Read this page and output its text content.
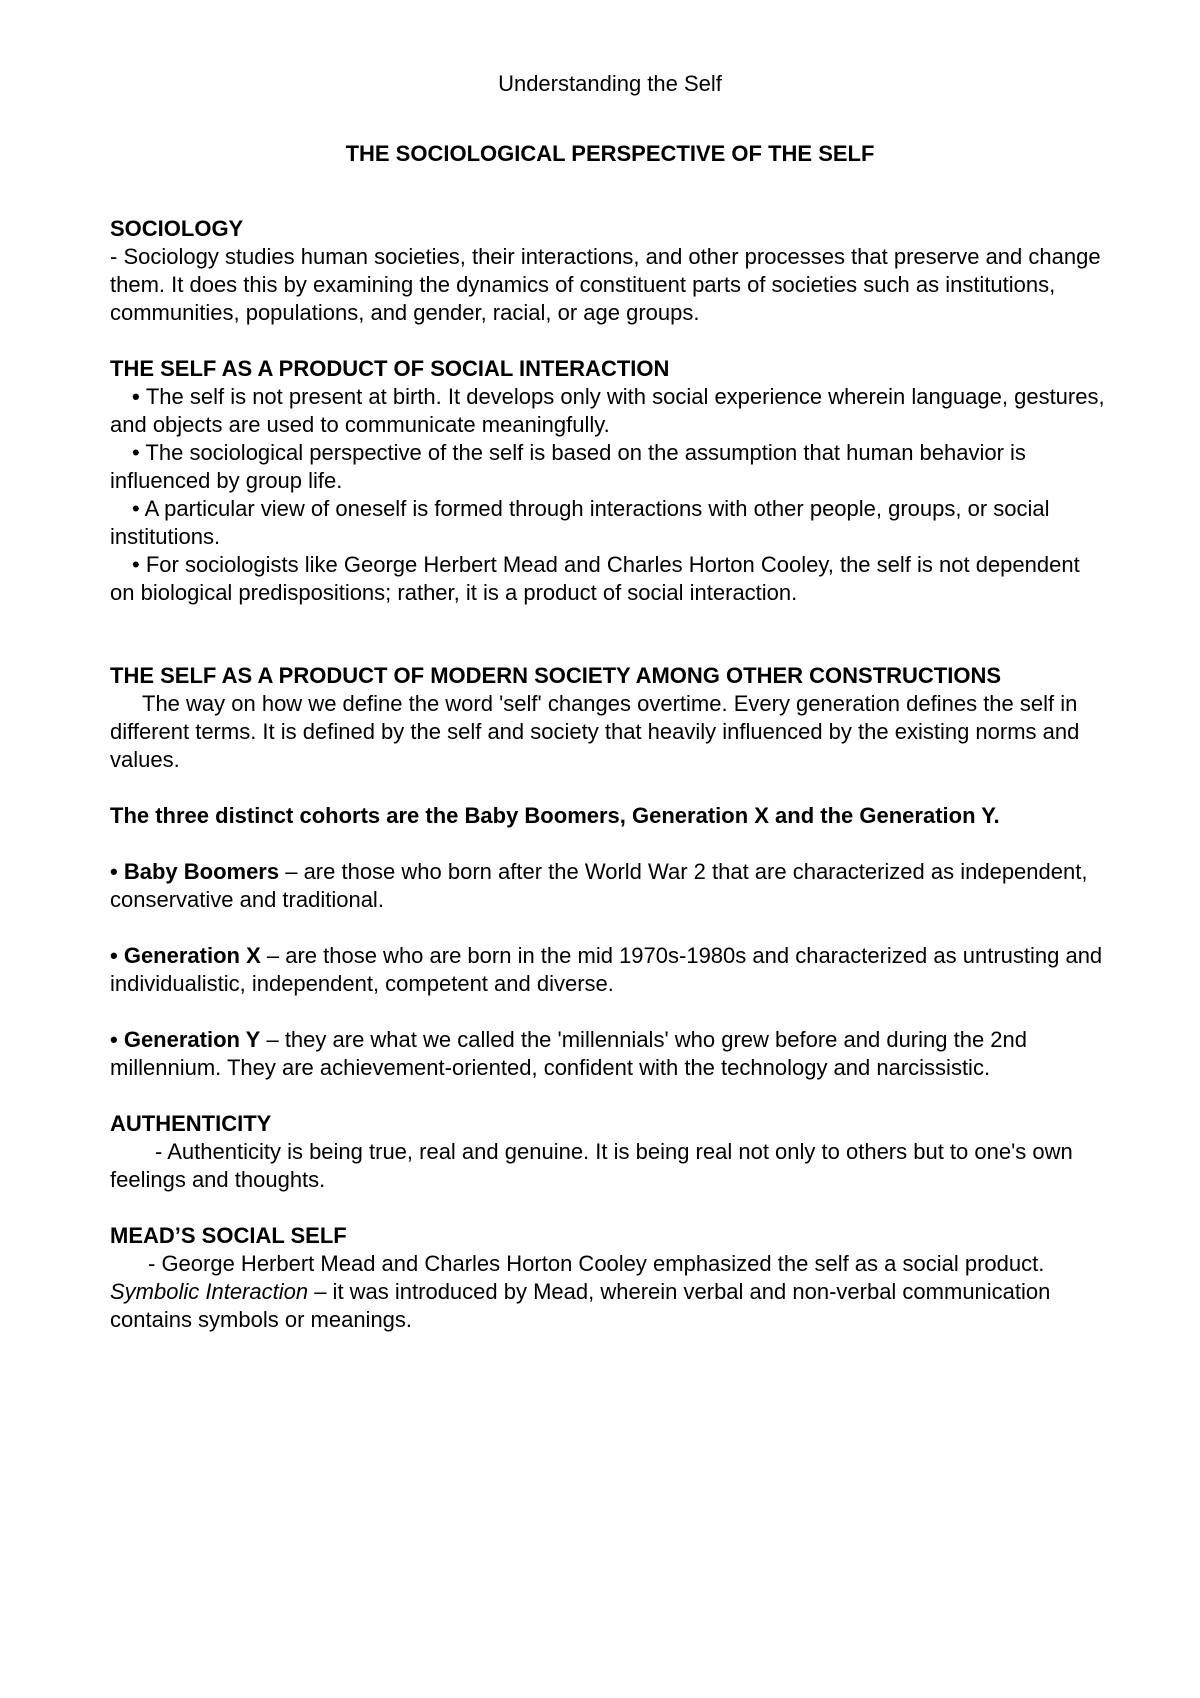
Understanding the Self

THE SOCIOLOGICAL PERSPECTIVE OF THE SELF
SOCIOLOGY

- Sociology studies human societies, their interactions, and other processes that preserve and change them. It does this by examining the dynamics of constituent parts of societies such as institutions, communities, populations, and gender, racial, or age groups.

THE SELF AS A PRODUCT OF SOCIAL INTERACTION

• The self is not present at birth. It develops only with social experience wherein language, gestures, and objects are used to communicate meaningfully.

• The sociological perspective of the self is based on the assumption that human behavior is influenced by group life.

• A particular view of oneself is formed through interactions with other people, groups, or social institutions.

• For sociologists like George Herbert Mead and Charles Horton Cooley, the self is not dependent on biological predispositions; rather, it is a product of social interaction.

THE SELF AS A PRODUCT OF MODERN SOCIETY AMONG OTHER CONSTRUCTIONS

The way on how we define the word 'self' changes overtime. Every generation defines the self in different terms. It is defined by the self and society that heavily influenced by the existing norms and values.

The three distinct cohorts are the Baby Boomers, Generation X and the Generation Y.

• Baby Boomers – are those who born after the World War 2 that are characterized as independent, conservative and traditional.

• Generation X – are those who are born in the mid 1970s-1980s and characterized as untrusting and individualistic, independent, competent and diverse.

• Generation Y – they are what we called the 'millennials' who grew before and during the 2nd millennium. They are achievement-oriented, confident with the technology and narcissistic.

AUTHENTICITY

- Authenticity is being true, real and genuine. It is being real not only to others but to one's own feelings and thoughts.

MEAD’S SOCIAL SELF

- George Herbert Mead and Charles Horton Cooley emphasized the self as a social product. Symbolic Interaction – it was introduced by Mead, wherein verbal and non-verbal communication contains symbols or meanings.
